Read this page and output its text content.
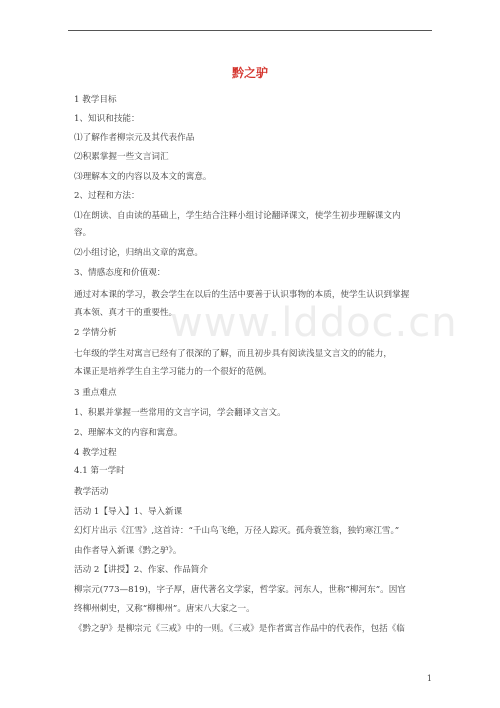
www.lddoc.cn
黔之驴
1 教学目标
1、知识和技能：
⑴了解作者柳宗元及其代表作品
⑵积累掌握一些文言词汇
⑶理解本文的内容以及本文的寓意。
2、过程和方法：
⑴在朗读、自由读的基础上，学生结合注释小组讨论翻译课文，使学生初步理解课文内
容。
⑵小组讨论，归纳出文章的寓意。
3、情感态度和价值观：
通过对本课的学习，教会学生在以后的生活中要善于认识事物的本质，使学生认识到掌握
真本领、真才干的重要性。
2 学情分析
七年级的学生对寓言已经有了很深的了解，而且初步具有阅读浅显文言文的的能力，
本课正是培养学生自主学习能力的一个很好的范例。
3 重点难点
1、积累并掌握一些常用的文言字词，学会翻译文言文。
2、理解本文的内容和寓意。
4 教学过程
4.1 第一学时
教学活动
活动 1【导入】1、导入新课
幻灯片出示《江雪》,这首诗：“千山鸟飞绝，万径人踪灭。孤舟蓑笠翁，独钓寒江雪。”
由作者导入新课《黔之驴》。
活动 2【讲授】2、作家、作品简介
柳宗元(773—819)，字子厚，唐代著名文学家，哲学家。河东人，世称“柳河东”。因官
终柳州刺史，又称“柳柳州”。唐宋八大家之一。
《黔之驴》是柳宗元《三戒》中的一则。《三戒》是作者寓言作品中的代表作，包括《临
1
